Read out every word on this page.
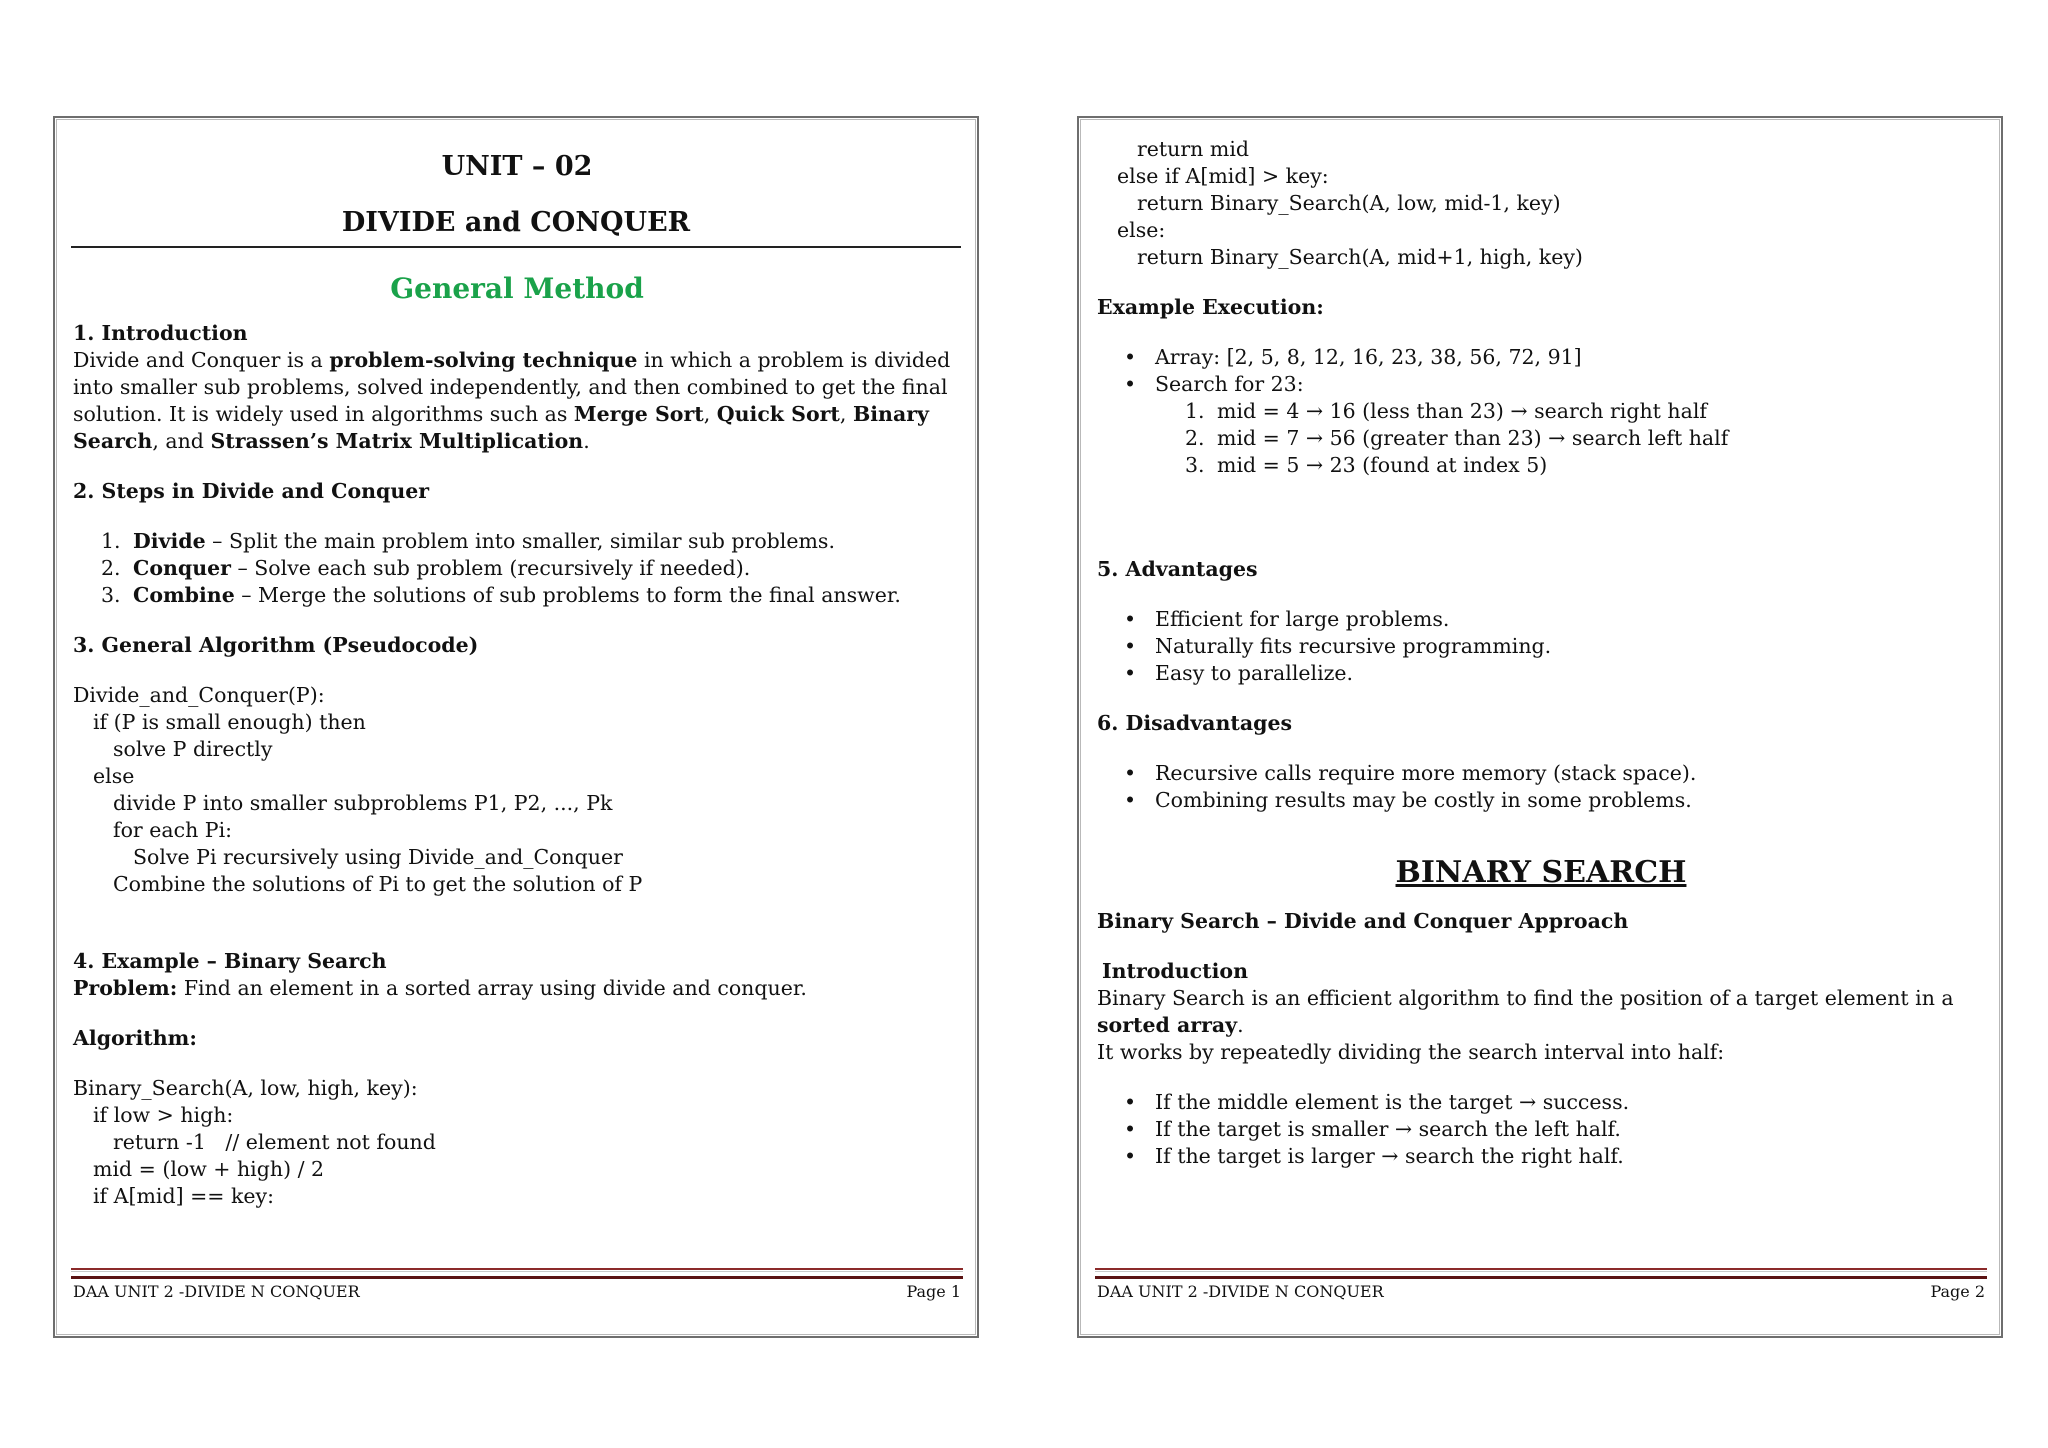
UNIT – 02
DIVIDE and CONQUER
General Method
1. Introduction

Divide and Conquer is a problem-solving technique in which a problem is divided into smaller sub problems, solved independently, and then combined to get the final solution. It is widely used in algorithms such as Merge Sort, Quick Sort, Binary Search, and Strassen’s Matrix Multiplication.

2. Steps in Divide and Conquer
1. Divide – Split the main problem into smaller, similar sub problems.
2. Conquer – Solve each sub problem (recursively if needed).
3. Combine – Merge the solutions of sub problems to form the final answer.
3. General Algorithm (Pseudocode)
Divide_and_Conquer(P):
if (P is small enough) then
solve P directly
else
divide P into smaller subproblems P1, P2, ..., Pk
for each Pi:
Solve Pi recursively using Divide_and_Conquer
Combine the solutions of Pi to get the solution of P
4. Example – Binary Search

Problem: Find an element in a sorted array using divide and conquer.

Algorithm:
Binary_Search(A, low, high, key):
if low > high:
return -1   // element not found
mid = (low + high) / 2
if A[mid] == key:
DAA UNIT 2 -DIVIDE N CONQUER	Page 1
return mid
else if A[mid] > key:
return Binary_Search(A, low, mid-1, key)
else:
return Binary_Search(A, mid+1, high, key)
Example Execution:
• Array: [2, 5, 8, 12, 16, 23, 38, 56, 72, 91]
• Search for 23:
1. mid = 4 → 16 (less than 23) → search right half
2. mid = 7 → 56 (greater than 23) → search left half
3. mid = 5 → 23 (found at index 5)
5. Advantages
• Efficient for large problems.
• Naturally fits recursive programming.
• Easy to parallelize.
6. Disadvantages
• Recursive calls require more memory (stack space).
• Combining results may be costly in some problems.
BINARY SEARCH
Binary Search – Divide and Conquer Approach
Introduction

Binary Search is an efficient algorithm to find the position of a target element in a sorted array.

It works by repeatedly dividing the search interval into half:

• If the middle element is the target → success.
• If the target is smaller → search the left half.
• If the target is larger → search the right half.
DAA UNIT 2 -DIVIDE N CONQUER	Page 2
